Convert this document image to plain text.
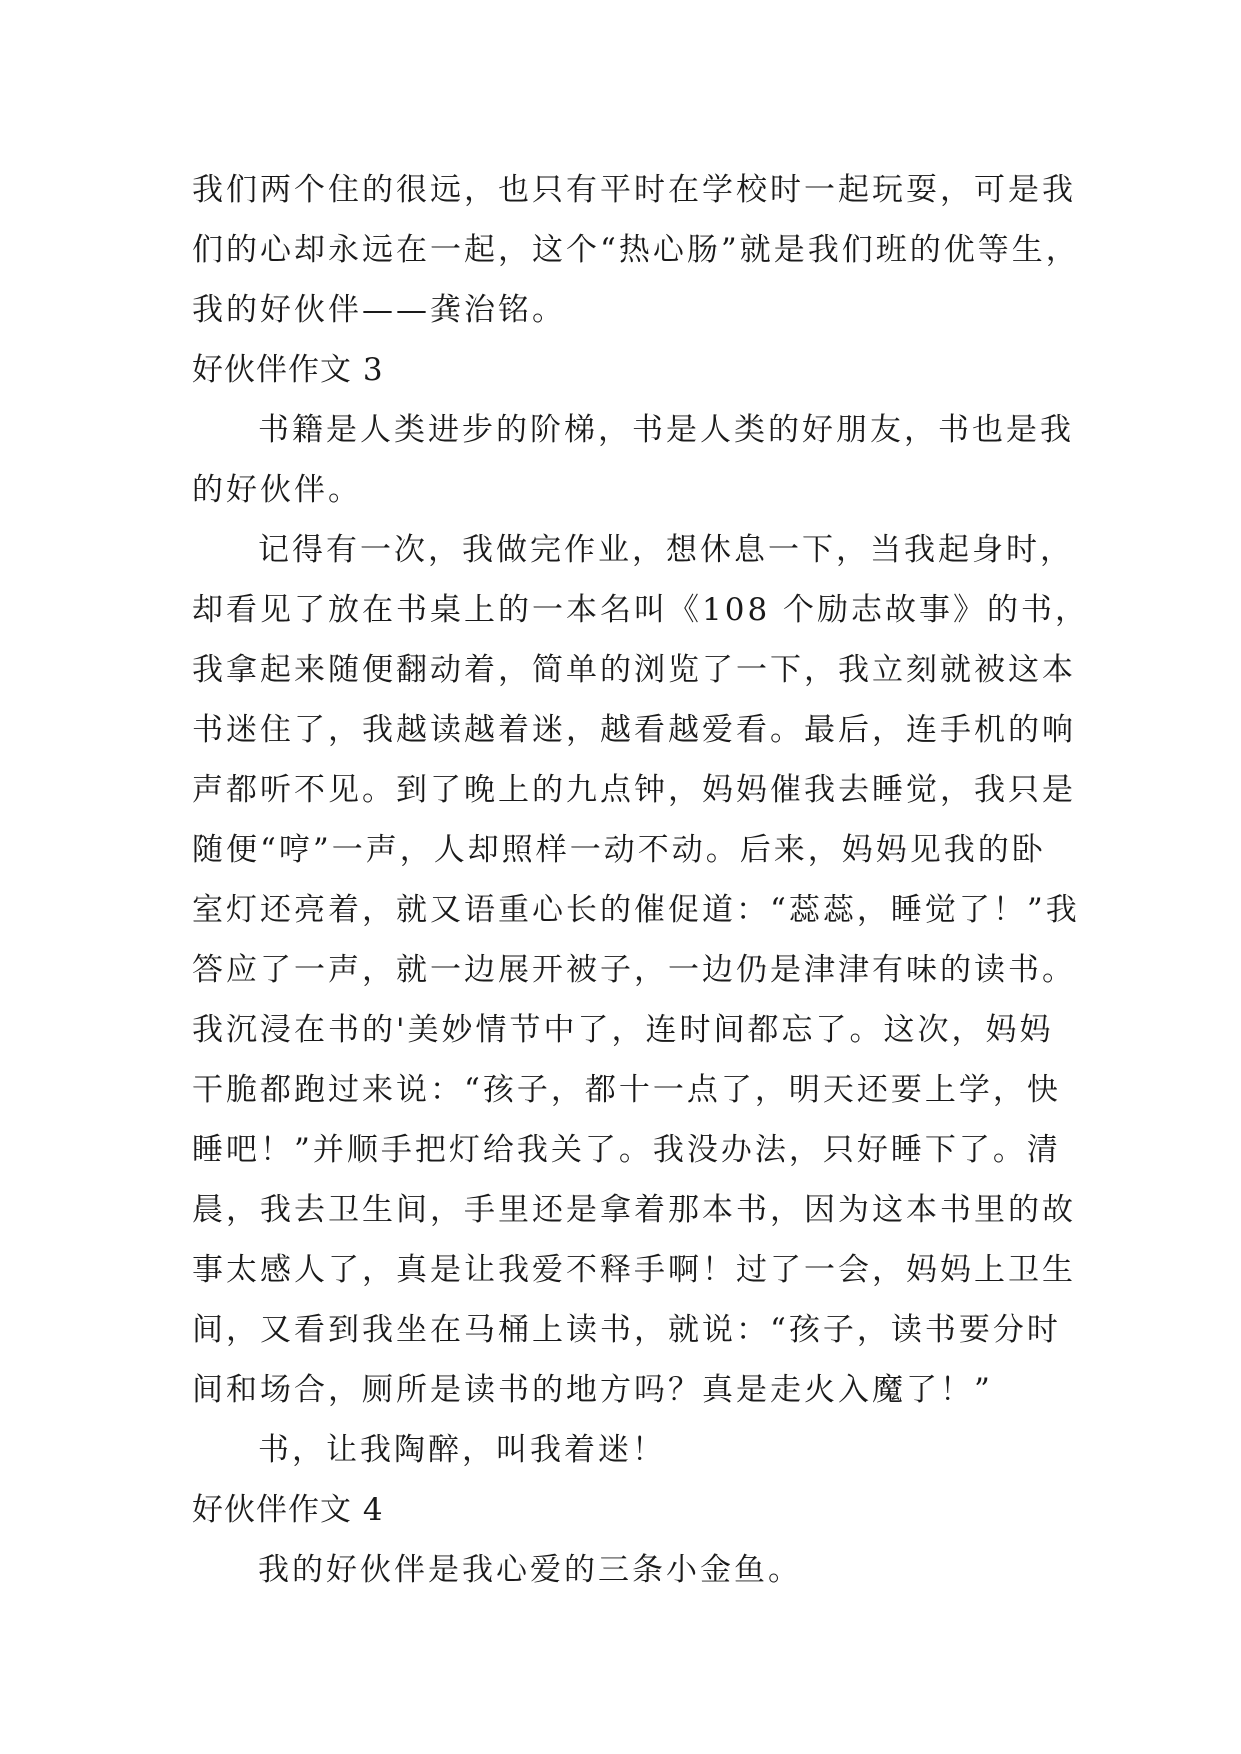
我们两个住的很远，也只有平时在学校时一起玩耍，可是我
们的心却永远在一起，这个“热心肠”就是我们班的优等生，
我的好伙伴——龚治铭。
好伙伴作文 3
书籍是人类进步的阶梯，书是人类的好朋友，书也是我
的好伙伴。
记得有一次，我做完作业，想休息一下，当我起身时，
却看见了放在书桌上的一本名叫《108 个励志故事》的书，
我拿起来随便翻动着，简单的浏览了一下，我立刻就被这本
书迷住了，我越读越着迷，越看越爱看。最后，连手机的响
声都听不见。到了晚上的九点钟，妈妈催我去睡觉，我只是
随便“哼”一声，人却照样一动不动。后来，妈妈见我的卧
室灯还亮着，就又语重心长的催促道：“蕊蕊，睡觉了！”我
答应了一声，就一边展开被子，一边仍是津津有味的读书。
我沉浸在书的'美妙情节中了，连时间都忘了。这次，妈妈
干脆都跑过来说：“孩子，都十一点了，明天还要上学，快
睡吧！”并顺手把灯给我关了。我没办法，只好睡下了。清
晨，我去卫生间，手里还是拿着那本书，因为这本书里的故
事太感人了，真是让我爱不释手啊！过了一会，妈妈上卫生
间，又看到我坐在马桶上读书，就说：“孩子，读书要分时
间和场合，厕所是读书的地方吗？真是走火入魔了！”
书，让我陶醉，叫我着迷！
好伙伴作文 4
我的好伙伴是我心爱的三条小金鱼。
